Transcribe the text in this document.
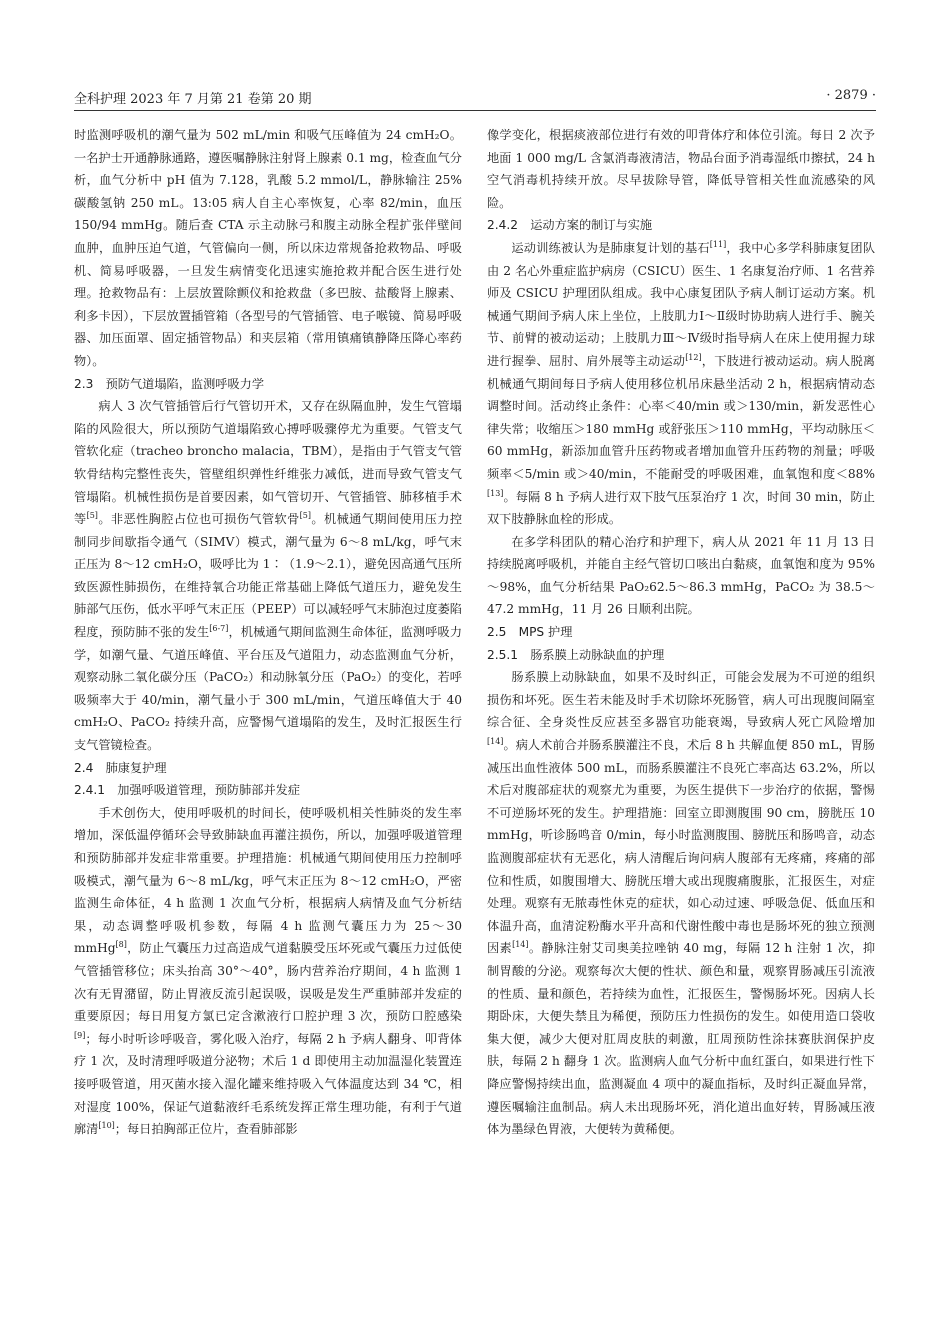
全科护理 2023 年 7 月第 21 卷第 20 期	· 2879 ·

时监测呼吸机的潮气量为 502 mL/min 和吸气压峰值为 24 cmH₂O。一名护士开通静脉通路，遵医嘱静脉注射肾上腺素 0.1 mg，检查血气分析，血气分析中 pH 值为 7.128，乳酸 5.2 mmol/L，静脉输注 25%碳酸氢钠 250 mL。13:05 病人自主心率恢复，心率 82/min，血压 150/94 mmHg。随后查 CTA 示主动脉弓和腹主动脉全程扩张伴壁间血肿，血肿压迫气道，气管偏向一侧，所以床边常规备抢救物品、呼吸机、简易呼吸器，一旦发生病情变化迅速实施抢救并配合医生进行处理。抢救物品有：上层放置除颤仪和抢救盘（多巴胺、盐酸肾上腺素、利多卡因），下层放置插管箱（各型号的气管插管、电子喉镜、简易呼吸器、加压面罩、固定插管物品）和夹层箱（常用镇痛镇静降压降心率药物）。

2.3　预防气道塌陷，监测呼吸力学

病人 3 次气管插管后行气管切开术，又存在纵隔血肿，发生气管塌陷的风险很大，所以预防气道塌陷致心搏呼吸骤停尤为重要。气管支气管软化症（tracheo broncho malacia，TBM），是指由于气管支气管软骨结构完整性丧失，管壁组织弹性纤维张力减低，进而导致气管支气管塌陷。机械性损伤是首要因素，如气管切开、气管插管、肺移植手术等[5]。非恶性胸腔占位也可损伤气管软骨[5]。机械通气期间使用压力控制同步间歇指令通气（SIMV）模式，潮气量为 6～8 mL/kg，呼气末正压为 8～12 cmH₂O，吸呼比为 1∶（1.9～2.1），避免因高通气压所致医源性肺损伤，在维持氧合功能正常基础上降低气道压力，避免发生肺部气压伤，低水平呼气末正压（PEEP）可以减轻呼气末肺泡过度萎陷程度，预防肺不张的发生[6-7]，机械通气期间监测生命体征，监测呼吸力学，如潮气量、气道压峰值、平台压及气道阻力，动态监测血气分析，观察动脉二氧化碳分压（PaCO₂）和动脉氧分压（PaO₂）的变化，若呼吸频率大于 40/min，潮气量小于 300 mL/min，气道压峰值大于 40 cmH₂O、PaCO₂ 持续升高，应警惕气道塌陷的发生，及时汇报医生行支气管镜检查。

2.4　肺康复护理
2.4.1　加强呼吸道管理，预防肺部并发症

手术创伤大，使用呼吸机的时间长，使呼吸机相关性肺炎的发生率增加，深低温停循环会导致肺缺血再灌注损伤，所以，加强呼吸道管理和预防肺部并发症非常重要。护理措施：机械通气期间使用压力控制呼吸模式，潮气量为 6～8 mL/kg，呼气末正压为 8～12 cmH₂O，严密监测生命体征，4 h 监测 1 次血气分析，根据病人病情及血气分析结果，动态调整呼吸机参数，每隔 4 h 监测气囊压力为 25～30 mmHg[8]，防止气囊压力过高造成气道黏膜受压坏死或气囊压力过低使气管插管移位；床头抬高 30°～40°，肠内营养治疗期间，4 h 监测 1 次有无胃潴留，防止胃液反流引起误吸，误吸是发生严重肺部并发症的重要原因；每日用复方氯已定含漱液行口腔护理 3 次，预防口腔感染[9]；每小时听诊呼吸音，雾化吸入治疗，每隔 2 h 予病人翻身、叩背体疗 1 次，及时清理呼吸道分泌物；术后 1 d 即使用主动加温湿化装置连接呼吸管道，用灭菌水接入湿化罐来维持吸入气体温度达到 34 ℃，相对湿度 100%，保证气道黏液纤毛系统发挥正常生理功能，有利于气道廓清[10]；每日拍胸部正位片，查看肺部影

像学变化，根据痰液部位进行有效的叩背体疗和体位引流。每日 2 次予地面 1 000 mg/L 含氯消毒液清洁，物品台面予消毒湿纸巾擦拭，24 h 空气消毒机持续开放。尽早拔除导管，降低导管相关性血流感染的风险。

2.4.2　运动方案的制订与实施

运动训练被认为是肺康复计划的基石[11]，我中心多学科肺康复团队由 2 名心外重症监护病房（CSICU）医生、1 名康复治疗师、1 名营养师及 CSICU 护理团队组成。我中心康复团队予病人制订运动方案。机械通气期间予病人床上坐位，上肢肌力Ⅰ～Ⅱ级时协助病人进行手、腕关节、前臂的被动运动；上肢肌力Ⅲ～Ⅳ级时指导病人在床上使用握力球进行握拳、屈肘、肩外展等主动运动[12]，下肢进行被动运动。病人脱离机械通气期间每日予病人使用移位机吊床悬坐活动 2 h，根据病情动态调整时间。活动终止条件：心率＜40/min 或＞130/min，新发恶性心律失常；收缩压＞180 mmHg 或舒张压＞110 mmHg，平均动脉压＜60 mmHg，新添加血管升压药物或者增加血管升压药物的剂量；呼吸频率＜5/min 或＞40/min，不能耐受的呼吸困难，血氧饱和度＜88%[13]。每隔 8 h 予病人进行双下肢气压泵治疗 1 次，时间 30 min，防止双下肢静脉血栓的形成。

在多学科团队的精心治疗和护理下，病人从 2021 年 11 月 13 日持续脱离呼吸机，并能自主经气管切口咳出白黏痰，血氧饱和度为 95%～98%，血气分析结果 PaO₂62.5～86.3 mmHg，PaCO₂ 为 38.5～47.2 mmHg，11 月 26 日顺利出院。

2.5　MPS 护理
2.5.1　肠系膜上动脉缺血的护理

肠系膜上动脉缺血，如果不及时纠正，可能会发展为不可逆的组织损伤和坏死。医生若未能及时手术切除坏死肠管，病人可出现腹间隔室综合征、全身炎性反应甚至多器官功能衰竭，导致病人死亡风险增加[14]。病人术前合并肠系膜灌注不良，术后 8 h 共解血便 850 mL，胃肠减压出血性液体 500 mL，而肠系膜灌注不良死亡率高达 63.2%，所以术后对腹部症状的观察尤为重要，为医生提供下一步治疗的依据，警惕不可逆肠坏死的发生。护理措施：回室立即测腹围 90 cm，膀胱压 10 mmHg，听诊肠鸣音 0/min，每小时监测腹围、膀胱压和肠鸣音，动态监测腹部症状有无恶化，病人清醒后询问病人腹部有无疼痛，疼痛的部位和性质，如腹围增大、膀胱压增大或出现腹痛腹胀，汇报医生，对症处理。观察有无脓毒性休克的症状，如心动过速、呼吸急促、低血压和体温升高，血清淀粉酶水平升高和代谢性酸中毒也是肠坏死的独立预测因素[14]。静脉注射艾司奥美拉唑钠 40 mg，每隔 12 h 注射 1 次，抑制胃酸的分泌。观察每次大便的性状、颜色和量，观察胃肠减压引流液的性质、量和颜色，若持续为血性，汇报医生，警惕肠坏死。因病人长期卧床，大便失禁且为稀便，预防压力性损伤的发生。如使用造口袋收集大便，减少大便对肛周皮肤的刺激，肛周预防性涂抹赛肤润保护皮肤，每隔 2 h 翻身 1 次。监测病人血气分析中血红蛋白，如果进行性下降应警惕持续出血，监测凝血 4 项中的凝血指标，及时纠正凝血异常，遵医嘱输注血制品。病人未出现肠坏死，消化道出血好转，胃肠减压液体为墨绿色胃液，大便转为黄稀便。
